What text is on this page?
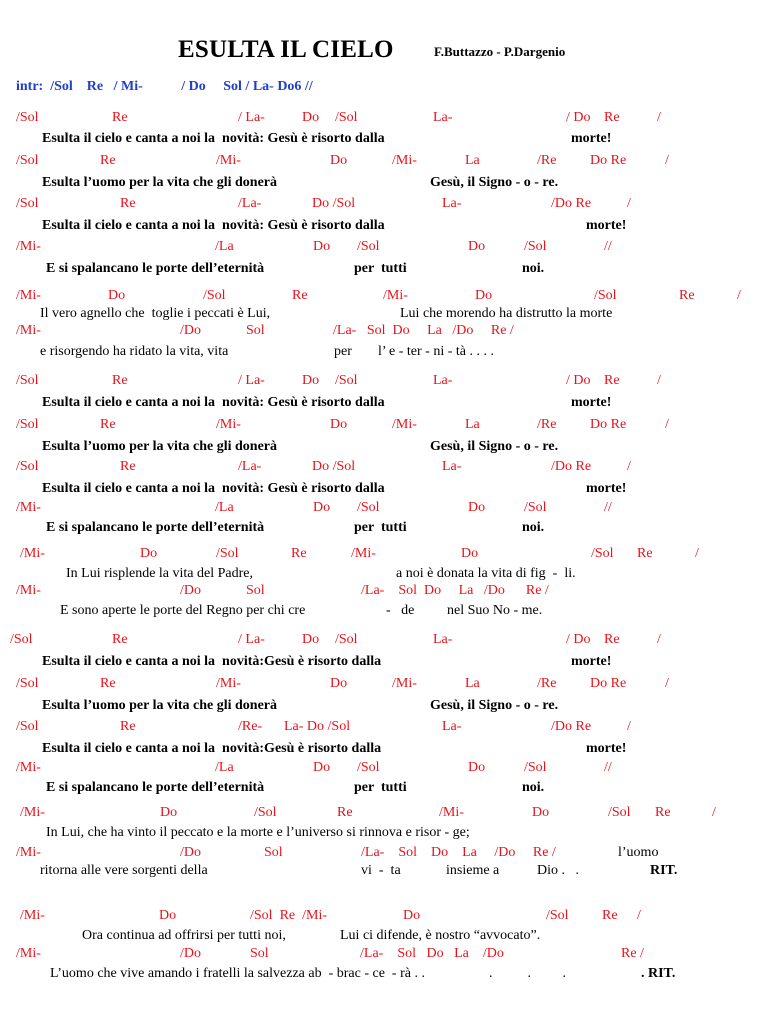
ESULTA IL CIELO	F.Buttazzo - P.Dargenio
intr:  /Sol    Re   / Mi-           / Do     Sol / La- Do6 //
/Sol	Re	/ La-	Do /Sol	La-	/ Do Re	/
Esulta il cielo e canta a noi la  novità: Gesù è risorto dalla	morte!
/Sol	Re	/Mi-	Do	/Mi-	La	/Re Do Re	/
Esulta l’uomo per la vita che gli donerà	Gesù, il Signo - o - re.
/Sol	Re	/La-	Do /Sol	La-	/Do Re	/
Esulta il cielo e canta a noi la  novità: Gesù è risorto dalla	morte!
/Mi-	/La	Do /Sol	Do	/Sol	//
E si spalancano le porte dell’eternità	per  tutti	noi.
/Mi-	Do	/Sol	Re	/Mi-	Do	/Sol	Re	/
Il vero agnello che  toglie i peccati è Lui,	Lui che morendo ha distrutto la morte
/Mi-	/Do	Sol	/La-   Sol  Do     La   /Do     Re /
e risorgendo ha ridato la vita, vita	per l’ e - ter - ni - tà . . . .
/Sol	Re	/ La-	Do /Sol	La-	/ Do Re	/
Esulta il cielo e canta a noi la  novità: Gesù è risorto dalla	morte!
/Sol	Re	/Mi-	Do	/Mi-	La	/Re Do Re	/
Esulta l’uomo per la vita che gli donerà	Gesù, il Signo - o - re.
/Sol	Re	/La-	Do /Sol	La-	/Do Re	/
Esulta il cielo e canta a noi la  novità: Gesù è risorto dalla	morte!
/Mi-	/La	Do /Sol	Do	/Sol	//
E si spalancano le porte dell’eternità	per  tutti	noi.
/Mi-	Do	/Sol	Re	/Mi-	Do	/Sol Re	/
In Lui risplende la vita del Padre,	a noi è donata la vita di fig  -  li.
/Mi-	/Do	Sol	/La-    Sol  Do     La   /Do      Re /
E sono aperte le porte del Regno per chi cre	-   de nel Suo No - me.
/Sol	Re	/ La-	Do /Sol	La-	/ Do Re	/
Esulta il cielo e canta a noi la  novità:Gesù è risorto dalla	morte!
/Sol	Re	/Mi-	Do	/Mi-	La	/Re Do Re	/
Esulta l’uomo per la vita che gli donerà	Gesù, il Signo - o - re.
/Sol	Re	/Re- La- Do /Sol	La-	/Do Re	/
Esulta il cielo e canta a noi la  novità:Gesù è risorto dalla	morte!
/Mi-	/La	Do /Sol	Do	/Sol	//
E si spalancano le porte dell’eternità	per  tutti	noi.
/Mi-	Do	/Sol	Re	/Mi-	Do	/Sol Re	/
In Lui, che ha vinto il peccato e la morte e l’universo si rinnova e risor - ge;
/Mi-	/Do	Sol	/La-    Sol    Do    La     /Do     Re /	l’uomo
ritorna alle vere sorgenti della	vi  -  ta	insieme a	Dio .   .	RIT.
/Mi-	Do	/Sol  Re  /Mi-	Do	/Sol Re /
Ora continua ad offrirsi per tutti noi,	Lui ci difende, è nostro “avvocato”.
/Mi-	/Do	Sol	/La-    Sol   Do   La    /Do	Re /
L’uomo che vive amando i fratelli la salvezza ab  - brac - ce  - rà . .	.          .         .	. RIT.
